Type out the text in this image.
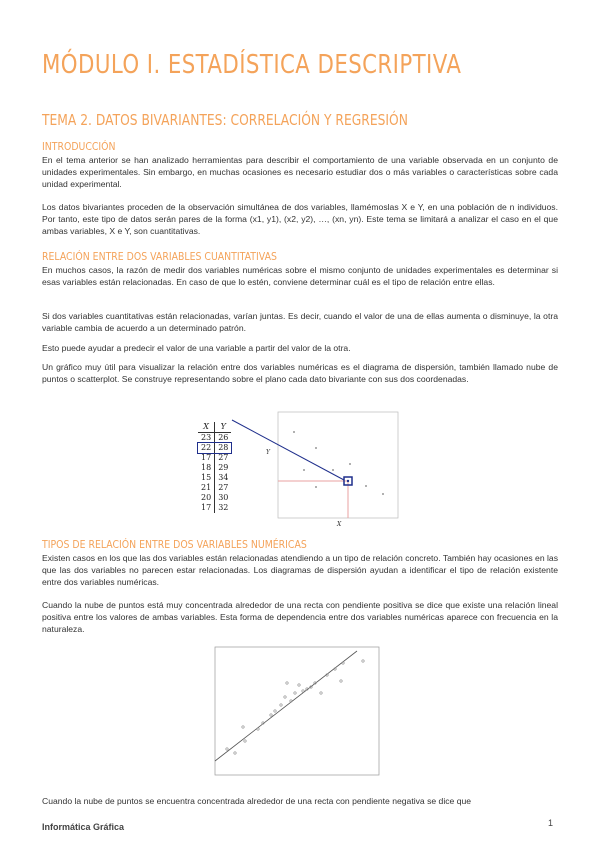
MÓDULO I. ESTADÍSTICA DESCRIPTIVA
TEMA 2. DATOS BIVARIANTES: CORRELACIÓN Y REGRESIÓN
INTRODUCCIÓN
En el tema anterior se han analizado herramientas para describir el comportamiento de una variable observada en un conjunto de unidades experimentales. Sin embargo, en muchas ocasiones es necesario estudiar dos o más variables o características sobre cada unidad experimental.
Los datos bivariantes proceden de la observación simultánea de dos variables, llamémoslas X e Y, en una población de n individuos. Por tanto, este tipo de datos serán pares de la forma (x1, y1), (x2, y2), …, (xn, yn). Este tema se limitará a analizar el caso en el que ambas variables, X e Y, son cuantitativas.
RELACIÓN ENTRE DOS VARIABLES CUANTITATIVAS
En muchos casos, la razón de medir dos variables numéricas sobre el mismo conjunto de unidades experimentales es determinar si esas variables están relacionadas. En caso de que lo estén, conviene determinar cuál es el tipo de relación entre ellas.
Si dos variables cuantitativas están relacionadas, varían juntas. Es decir, cuando el valor de una de ellas aumenta o disminuye, la otra variable cambia de acuerdo a un determinado patrón.
Esto puede ayudar a predecir el valor de una variable a partir del valor de la otra.
Un gráfico muy útil para visualizar la relación entre dos variables numéricas es el diagrama de dispersión, también llamado nube de puntos o scatterplot. Se construye representando sobre el plano cada dato bivariante con sus dos coordenadas.
X	Y
23	26
22	28
17	27
18	29
15	34
21	27
20	30
17	32
Y
X
TIPOS DE RELACIÓN ENTRE DOS VARIABLES NUMÉRICAS
Existen casos en los que las dos variables están relacionadas atendiendo a un tipo de relación concreto. También hay ocasiones en las que las dos variables no parecen estar relacionadas. Los diagramas de dispersión ayudan a identificar el tipo de relación existente entre dos variables numéricas.
Cuando la nube de puntos está muy concentrada alrededor de una recta con pendiente positiva se dice que existe una relación lineal positiva entre los valores de ambas variables. Esta forma de dependencia entre dos variables numéricas aparece con frecuencia en la naturaleza.
Cuando la nube de puntos se encuentra concentrada alrededor de una recta con pendiente negativa se dice que
Informática Gráfica	1
